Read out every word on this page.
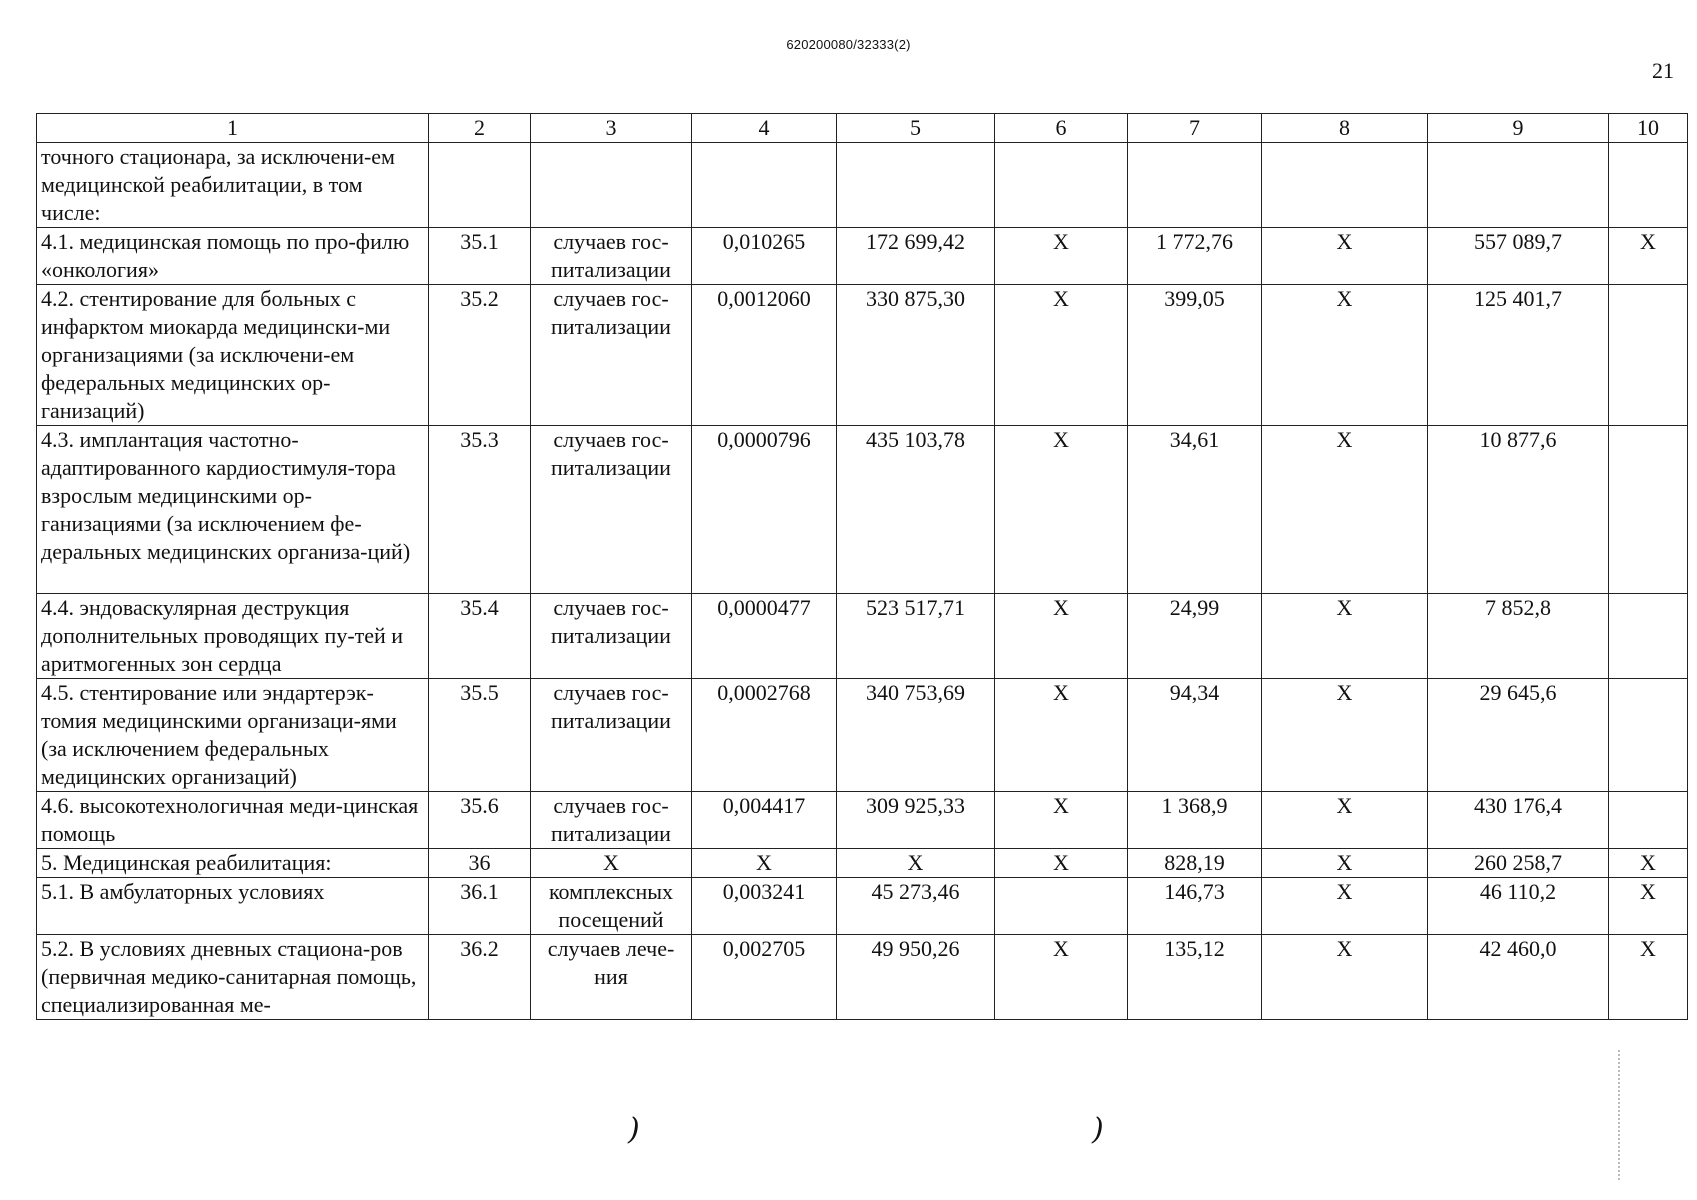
620200080/32333(2)
21
1	2	3	4	5	6	7	8	9	10
точного стационара, за исключени-ем медицинской реабилитации, в том числе:									
4.1. медицинская помощь по про-филю «онкология»	35.1	случаев гос-питализации	0,010265	172 699,42	X	1 772,76	X	557 089,7	X
4.2. стентирование для больных с инфарктом миокарда медицински-ми организациями (за исключени-ем федеральных медицинских ор-ганизаций)	35.2	случаев гос-питализации	0,0012060	330 875,30	X	399,05	X	125 401,7	
4.3. имплантация частотно-адаптированного кардиостимуля-тора взрослым медицинскими ор-ганизациями (за исключением фе-деральных медицинских организа-ций)	35.3	случаев гос-питализации	0,0000796	435 103,78	X	34,61	X	10 877,6	
4.4. эндоваскулярная деструкция дополнительных проводящих пу-тей и аритмогенных зон сердца	35.4	случаев гос-питализации	0,0000477	523 517,71	X	24,99	X	7 852,8	
4.5. стентирование или эндартерэк-томия медицинскими организаци-ями (за исключением федеральных медицинских организаций)	35.5	случаев гос-питализации	0,0002768	340 753,69	X	94,34	X	29 645,6	
4.6. высокотехнологичная меди-цинская помощь	35.6	случаев гос-питализации	0,004417	309 925,33	X	1 368,9	X	430 176,4	
5. Медицинская реабилитация:	36	X	X	X	X	828,19	X	260 258,7	X
5.1. В амбулаторных условиях	36.1	комплексных посещений	0,003241	45 273,46		146,73	X	46 110,2	X
5.2. В условиях дневных стациона-ров (первичная медико-санитарная помощь, специализированная ме-	36.2	случаев лече-ния	0,002705	49 950,26	X	135,12	X	42 460,0	X
)	)
